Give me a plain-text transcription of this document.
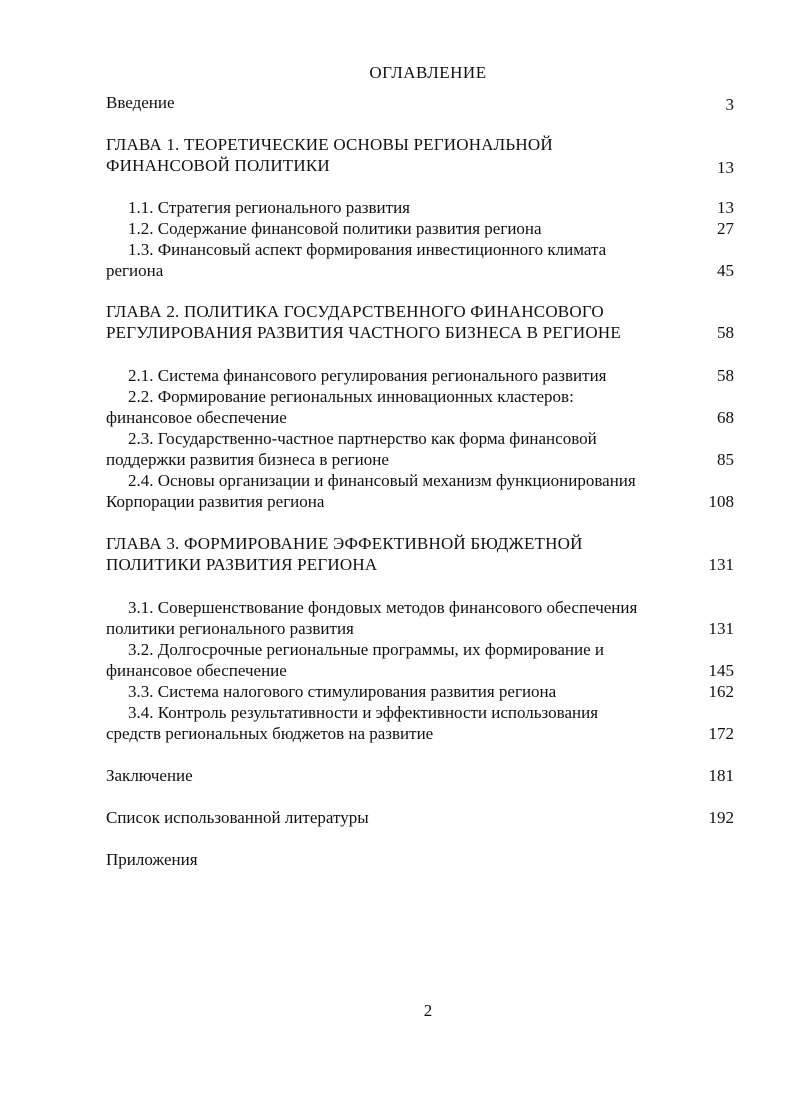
ОГЛАВЛЕНИЕ
Введение	3
ГЛАВА 1. ТЕОРЕТИЧЕСКИЕ ОСНОВЫ РЕГИОНАЛЬНОЙ
ФИНАНСОВОЙ ПОЛИТИКИ	13
1.1. Стратегия регионального развития	13
1.2. Содержание финансовой политики развития региона	27
1.3. Финансовый аспект формирования инвестиционного климата
региона	45
ГЛАВА 2. ПОЛИТИКА ГОСУДАРСТВЕННОГО ФИНАНСОВОГО
РЕГУЛИРОВАНИЯ РАЗВИТИЯ ЧАСТНОГО БИЗНЕСА В РЕГИОНЕ	58
2.1. Система финансового регулирования регионального развития	58
2.2. Формирование региональных инновационных кластеров:
финансовое обеспечение	68
2.3. Государственно-частное партнерство как форма финансовой
поддержки развития бизнеса в регионе	85
2.4. Основы организации и финансовый механизм функционирования
Корпорации развития региона	108
ГЛАВА 3. ФОРМИРОВАНИЕ ЭФФЕКТИВНОЙ БЮДЖЕТНОЙ
ПОЛИТИКИ РАЗВИТИЯ РЕГИОНА	131
3.1. Совершенствование фондовых методов финансового обеспечения
политики регионального развития	131
3.2. Долгосрочные региональные программы, их формирование и
финансовое обеспечение	145
3.3. Система налогового стимулирования развития региона	162
3.4. Контроль результативности и эффективности использования
средств региональных бюджетов на развитие	172
Заключение	181
Список использованной литературы	192
Приложения
2
